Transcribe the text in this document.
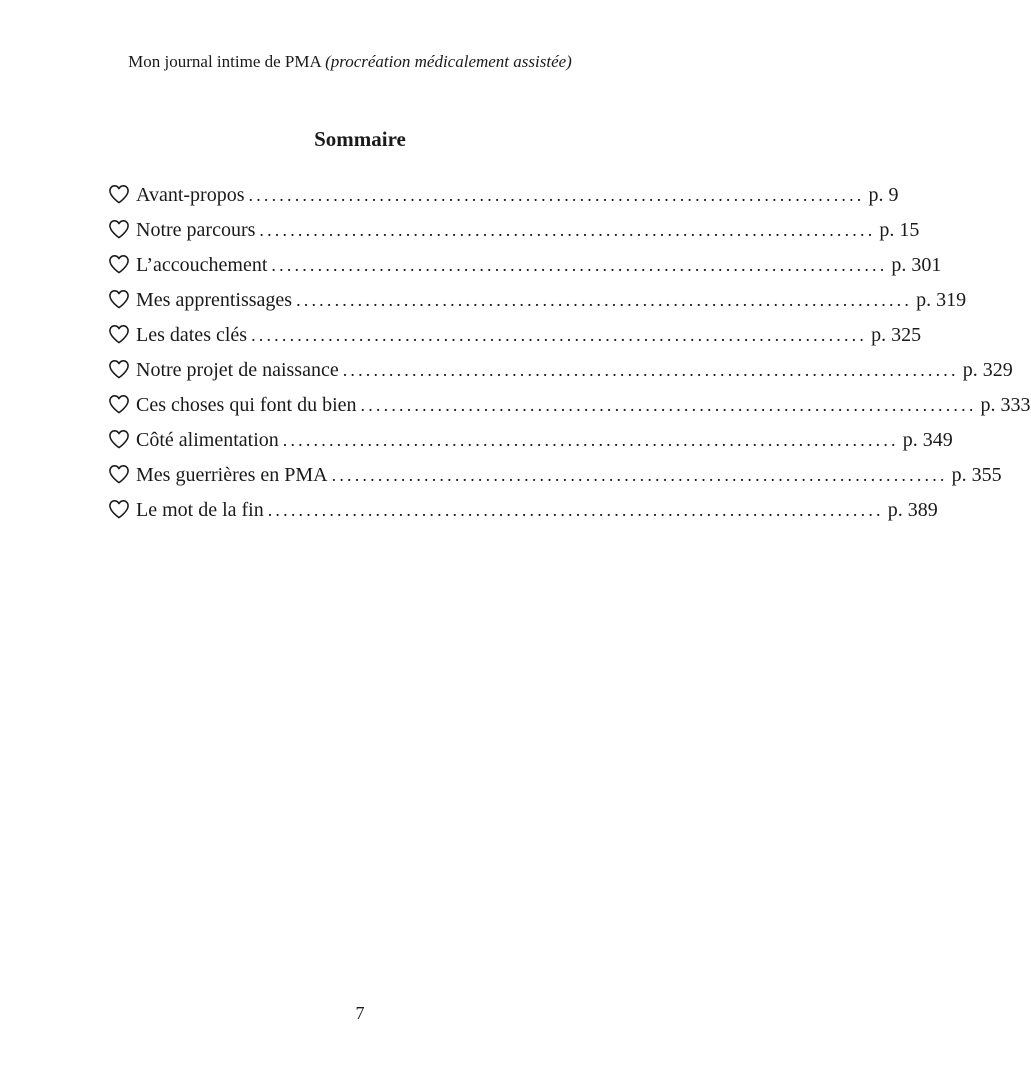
Mon journal intime de PMA (procréation médicalement assistée)
Sommaire
Avant-propos ................................................................................ p. 9
Notre parcours ................................................................................ p. 15
L’accouchement ................................................................................ p. 301
Mes apprentissages ................................................................................ p. 319
Les dates clés ................................................................................ p. 325
Notre projet de naissance ................................................................................ p. 329
Ces choses qui font du bien ................................................................................ p. 333
Côté alimentation ................................................................................ p. 349
Mes guerrières en PMA ................................................................................ p. 355
Le mot de la fin ................................................................................ p. 389
7
